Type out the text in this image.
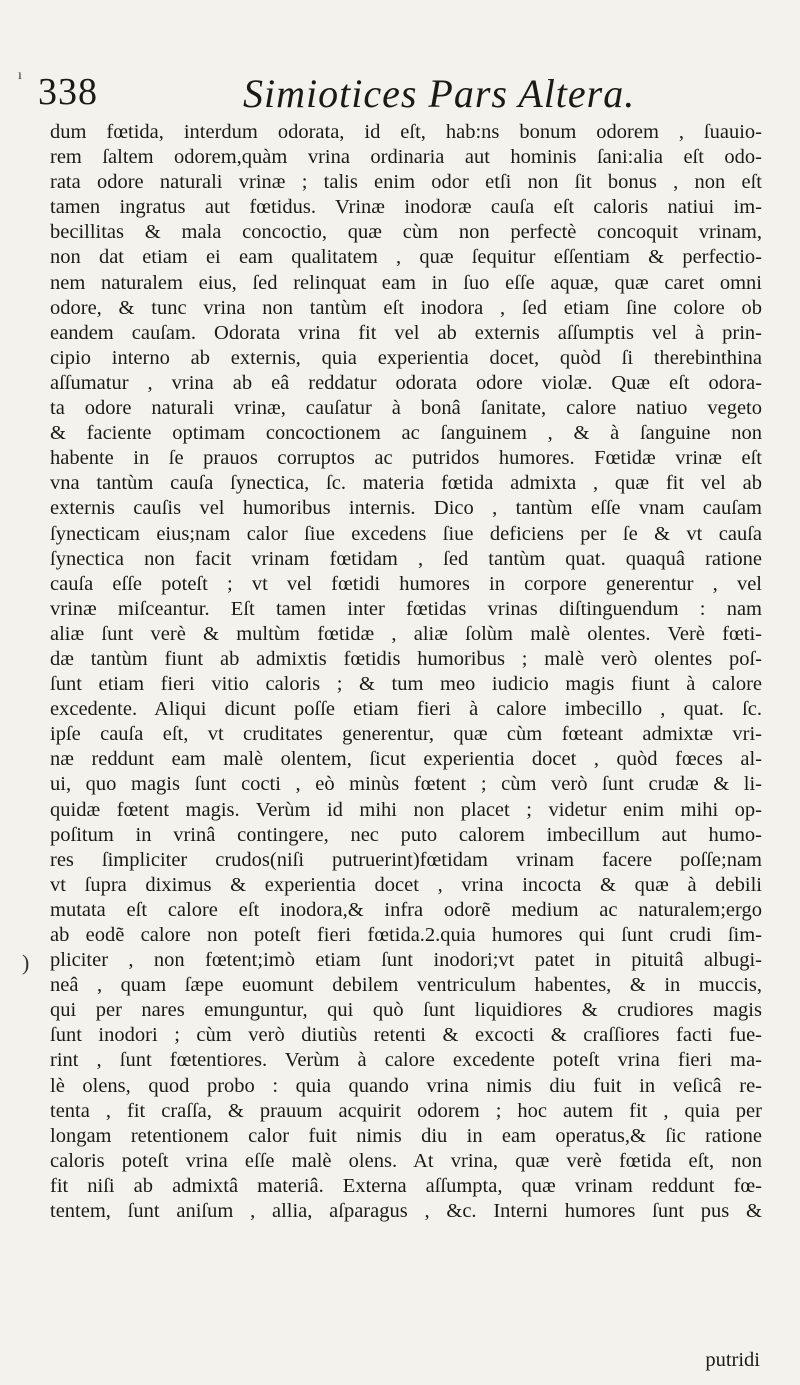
338	Simiotices Pars Altera.
)
ı
dum fœtida, interdum odorata, id eſt, hab:ns bonum odorem , ſuauio-
rem ſaltem odorem,quàm vrina ordinaria aut hominis ſani:alia eſt odo-
rata odore naturali vrinæ ; talis enim odor etſi non ſit bonus , non eſt
tamen ingratus aut fœtidus. Vrinæ inodoræ cauſa eſt caloris natiui im-
becillitas & mala concoctio, quæ cùm non perfectè concoquit vrinam,
non dat etiam ei eam qualitatem , quæ ſequitur eſſentiam & perfectio-
nem naturalem eius, ſed relinquat eam in ſuo eſſe aquæ, quæ caret omni
odore, & tunc vrina non tantùm eſt inodora , ſed etiam ſine colore ob
eandem cauſam. Odorata vrina fit vel ab externis aſſumptis vel à prin-
cipio interno ab externis, quia experientia docet, quòd ſi therebinthina
aſſumatur , vrina ab eâ reddatur odorata odore violæ. Quæ eſt odora-
ta odore naturali vrinæ, cauſatur à bonâ ſanitate, calore natiuo vegeto
& faciente optimam concoctionem ac ſanguinem , & à ſanguine non
habente in ſe prauos corruptos ac putridos humores. Fœtidæ vrinæ eſt
vna tantùm cauſa ſynectica, ſc. materia fœtida admixta , quæ fit vel ab
externis cauſis vel humoribus internis. Dico , tantùm eſſe vnam cauſam
ſynecticam eius;nam calor ſiue excedens ſiue deficiens per ſe & vt cauſa
ſynectica non facit vrinam fœtidam , ſed tantùm quat. quaquâ ratione
cauſa eſſe poteſt ; vt vel fœtidi humores in corpore generentur , vel
vrinæ miſceantur. Eſt tamen inter fœtidas vrinas diſtinguendum : nam
aliæ ſunt verè & multùm fœtidæ , aliæ ſolùm malè olentes. Verè fœti-
dæ tantùm fiunt ab admixtis fœtidis humoribus ; malè verò olentes poſ-
ſunt etiam fieri vitio caloris ; & tum meo iudicio magis fiunt à calore
excedente. Aliqui dicunt poſſe etiam fieri à calore imbecillo , quat. ſc.
ipſe cauſa eſt, vt cruditates generentur, quæ cùm fœteant admixtæ vri-
næ reddunt eam malè olentem, ſicut experientia docet , quòd fœces al-
ui, quo magis ſunt cocti , eò minùs fœtent ; cùm verò ſunt crudæ & li-
quidæ fœtent magis. Verùm id mihi non placet ; videtur enim mihi op-
poſitum in vrinâ contingere, nec puto calorem imbecillum aut humo-
res ſimpliciter crudos(niſi putruerint)fœtidam vrinam facere poſſe;nam
vt ſupra diximus & experientia docet , vrina incocta & quæ à debili
mutata eſt calore eſt inodora,& infra odorẽ medium ac naturalem;ergo
ab eodẽ calore non poteſt fieri fœtida.2.quia humores qui ſunt crudi ſim-
pliciter , non fœtent;imò etiam ſunt inodori;vt patet in pituitâ albugi-
neâ , quam ſæpe euomunt debilem ventriculum habentes, & in muccis,
qui per nares emunguntur, qui quò ſunt liquidiores & crudiores magis
ſunt inodori ; cùm verò diutiùs retenti & excocti & craſſiores facti fue-
rint , ſunt fœtentiores. Verùm à calore excedente poteſt vrina fieri ma-
lè olens, quod probo : quia quando vrina nimis diu fuit in veſicâ re-
tenta , fit craſſa, & prauum acquirit odorem ; hoc autem fit , quia per
longam retentionem calor fuit nimis diu in eam operatus,& ſic ratione
caloris poteſt vrina eſſe malè olens. At vrina, quæ verè fœtida eſt, non
fit niſi ab admixtâ materiâ. Externa aſſumpta, quæ vrinam reddunt fœ-
tentem, ſunt aniſum , allia, aſparagus , &c. Interni humores ſunt pus &
putridi
